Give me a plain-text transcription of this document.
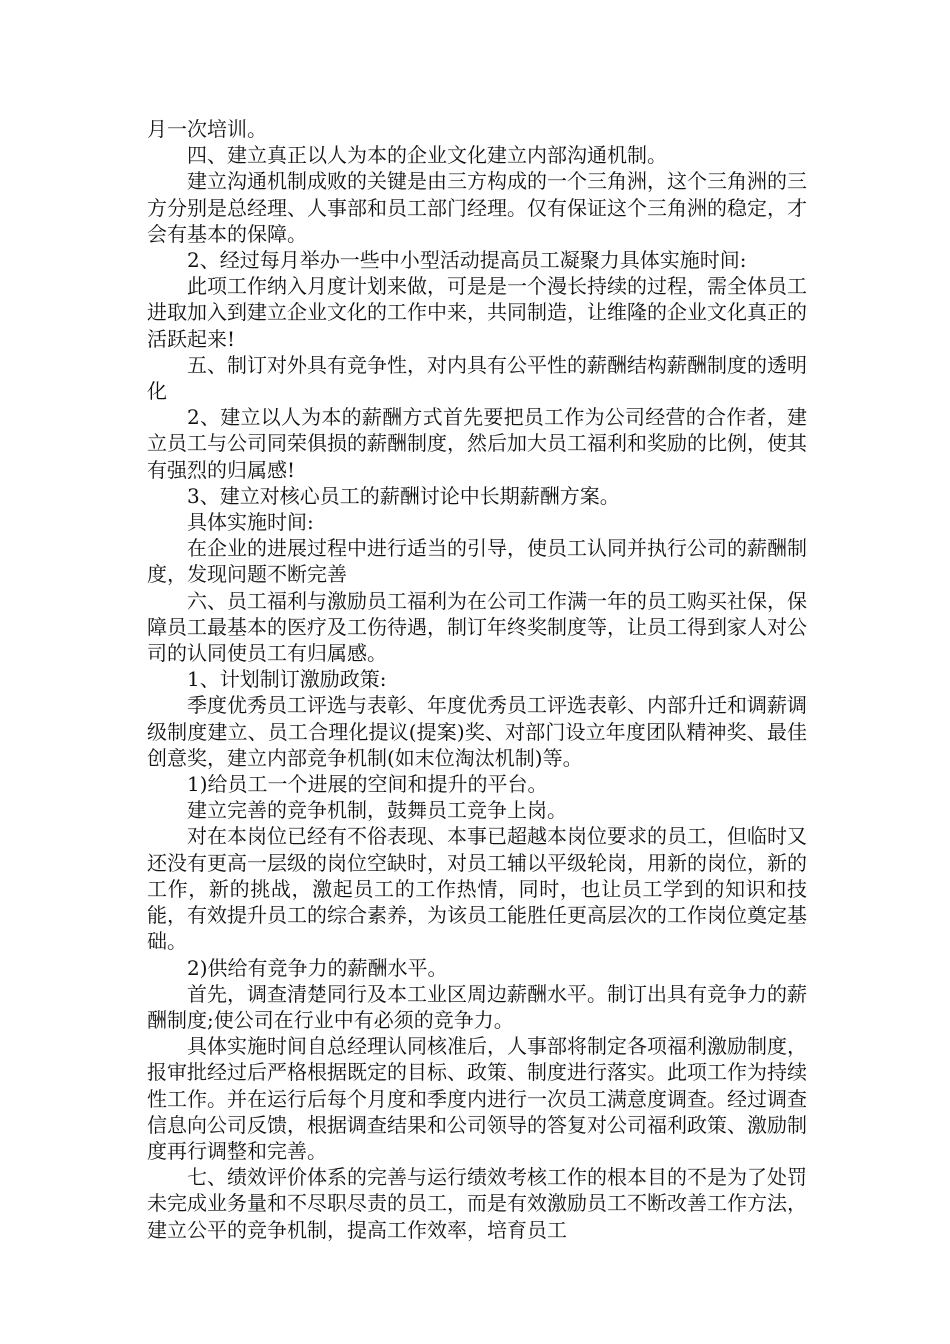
月一次培训。

四、建立真正以人为本的企业文化建立内部沟通机制。

建立沟通机制成败的关键是由三方构成的一个三角洲，这个三角洲的三方分别是总经理、人事部和员工部门经理。仅有保证这个三角洲的稳定，才会有基本的保障。

2、经过每月举办一些中小型活动提高员工凝聚力具体实施时间:

此项工作纳入月度计划来做，可是是一个漫长持续的过程，需全体员工进取加入到建立企业文化的工作中来，共同制造，让维隆的企业文化真正的活跃起来!

五、制订对外具有竞争性，对内具有公平性的薪酬结构薪酬制度的透明化

2、建立以人为本的薪酬方式首先要把员工作为公司经营的合作者，建立员工与公司同荣俱损的薪酬制度，然后加大员工福利和奖励的比例，使其有强烈的归属感!

3、建立对核心员工的薪酬讨论中长期薪酬方案。

具体实施时间:

在企业的进展过程中进行适当的引导，使员工认同并执行公司的薪酬制度，发现问题不断完善

六、员工福利与激励员工福利为在公司工作满一年的员工购买社保，保障员工最基本的医疗及工伤待遇，制订年终奖制度等，让员工得到家人对公司的认同使员工有归属感。

1、计划制订激励政策:

季度优秀员工评选与表彰、年度优秀员工评选表彰、内部升迁和调薪调级制度建立、员工合理化提议(提案)奖、对部门设立年度团队精神奖、最佳创意奖，建立内部竞争机制(如末位淘汰机制)等。

1)给员工一个进展的空间和提升的平台。

建立完善的竞争机制，鼓舞员工竞争上岗。

对在本岗位已经有不俗表现、本事已超越本岗位要求的员工，但临时又还没有更高一层级的岗位空缺时，对员工辅以平级轮岗，用新的岗位，新的工作，新的挑战，激起员工的工作热情，同时，也让员工学到的知识和技能，有效提升员工的综合素养，为该员工能胜任更高层次的工作岗位奠定基础。

2)供给有竞争力的薪酬水平。

首先，调查清楚同行及本工业区周边薪酬水平。制订出具有竞争力的薪酬制度;使公司在行业中有必须的竞争力。

具体实施时间自总经理认同核准后，人事部将制定各项福利激励制度，报审批经过后严格根据既定的目标、政策、制度进行落实。此项工作为持续性工作。并在运行后每个月度和季度内进行一次员工满意度调查。经过调查信息向公司反馈，根据调查结果和公司领导的答复对公司福利政策、激励制度再行调整和完善。

七、绩效评价体系的完善与运行绩效考核工作的根本目的不是为了处罚未完成业务量和不尽职尽责的员工，而是有效激励员工不断改善工作方法，建立公平的竞争机制，提高工作效率，培育员工
